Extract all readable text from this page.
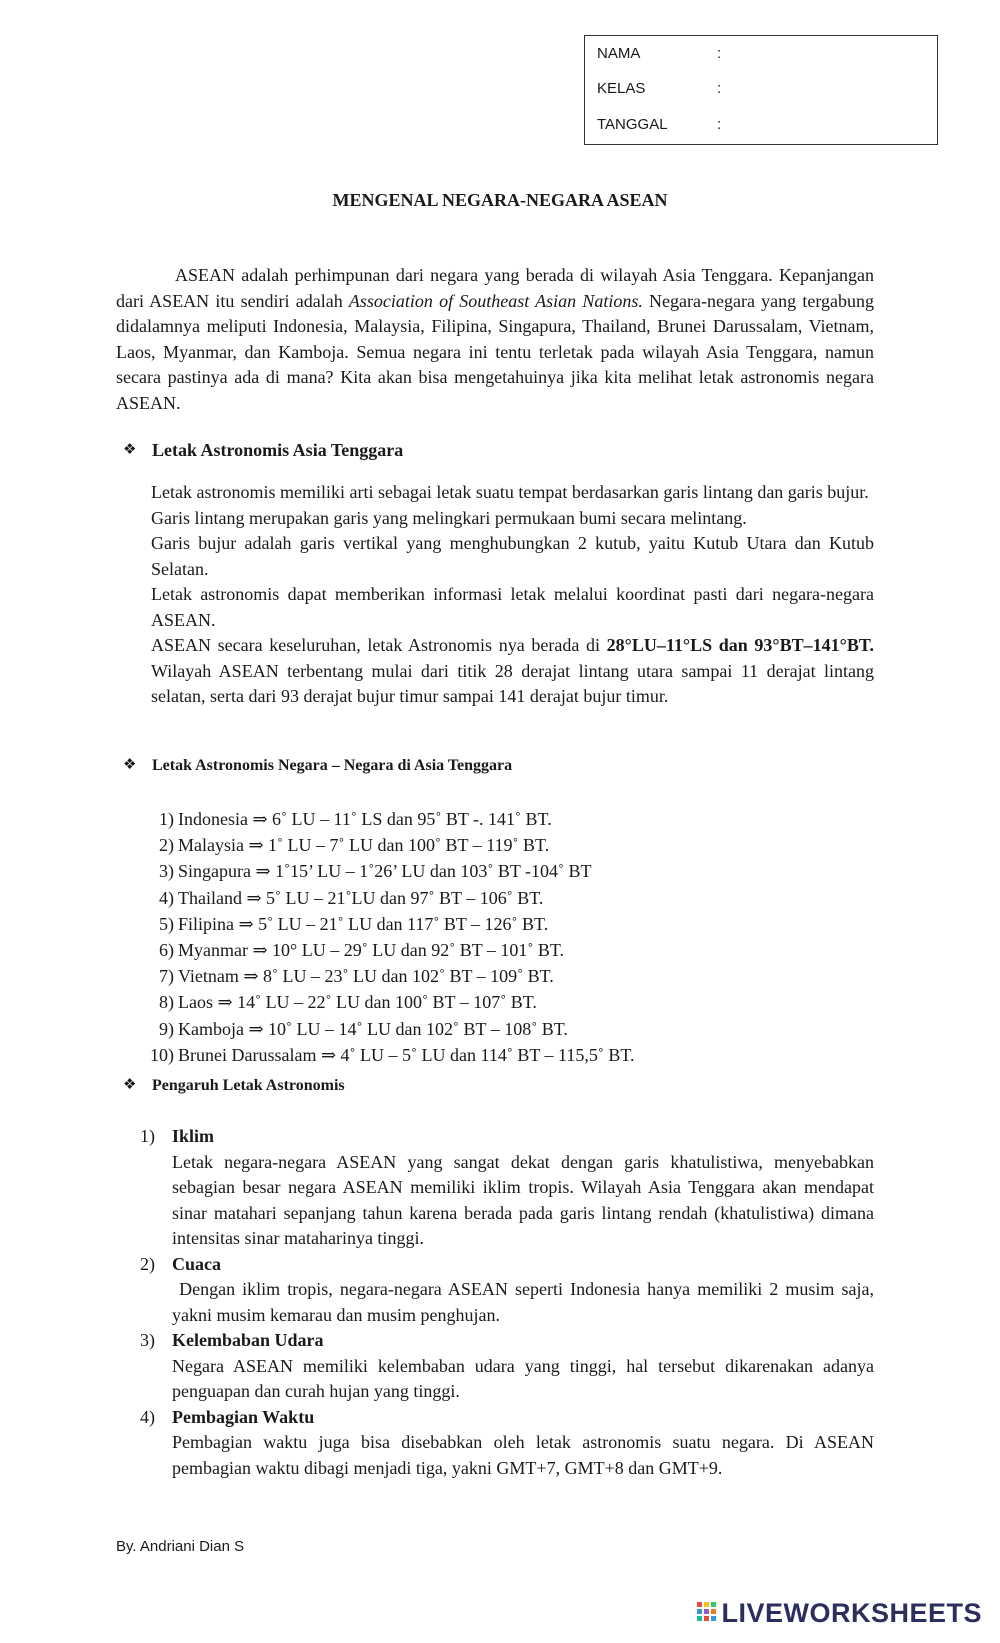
NAMA	:
KELAS	:
TANGGAL	:
MENGENAL NEGARA-NEGARA ASEAN

ASEAN adalah perhimpunan dari negara yang berada di wilayah Asia Tenggara. Kepanjangan dari ASEAN itu sendiri adalah Association of Southeast Asian Nations. Negara-negara yang tergabung didalamnya meliputi Indonesia, Malaysia, Filipina, Singapura, Thailand, Brunei Darussalam, Vietnam, Laos, Myanmar, dan Kamboja. Semua negara ini tentu terletak pada wilayah Asia Tenggara, namun secara pastinya ada di mana? Kita akan bisa mengetahuinya jika kita melihat letak astronomis negara ASEAN.

❖
Letak Astronomis Asia Tenggara

Letak astronomis memiliki arti sebagai letak suatu tempat berdasarkan garis lintang dan garis bujur.

Garis lintang merupakan garis yang melingkari permukaan bumi secara melintang.

Garis bujur adalah garis vertikal yang menghubungkan 2 kutub, yaitu Kutub Utara dan Kutub Selatan.

Letak astronomis dapat memberikan informasi letak melalui koordinat pasti dari negara-negara ASEAN.

ASEAN secara keseluruhan, letak Astronomis nya berada di 28°LU–11°LS dan 93°BT–141°BT. Wilayah ASEAN terbentang mulai dari titik 28 derajat lintang utara sampai 11 derajat lintang selatan, serta dari 93 derajat bujur timur sampai 141 derajat bujur timur.

❖
Letak Astronomis Negara – Negara di Asia Tenggara
1) Indonesia ⇒ 6˚ LU – 11˚ LS dan 95˚ BT -. 141˚ BT.
2) Malaysia ⇒ 1˚ LU – 7˚ LU dan 100˚ BT – 119˚ BT.
3) Singapura ⇒ 1˚15’ LU – 1˚26’ LU dan 103˚ BT -104˚ BT
4) Thailand ⇒ 5˚ LU – 21˚LU dan 97˚ BT – 106˚ BT.
5) Filipina ⇒ 5˚ LU – 21˚ LU dan 117˚ BT – 126˚ BT.
6) Myanmar ⇒ 10° LU – 29˚ LU dan 92˚ BT – 101˚ BT.
7) Vietnam ⇒ 8˚ LU – 23˚ LU dan 102˚ BT – 109˚ BT.
8) Laos ⇒ 14˚ LU – 22˚ LU dan 100˚ BT – 107˚ BT.
9) Kamboja ⇒ 10˚ LU – 14˚ LU dan 102˚ BT – 108˚ BT.
10) Brunei Darussalam ⇒ 4˚ LU – 5˚ LU dan 114˚ BT – 115,5˚ BT.
❖
Pengaruh Letak Astronomis
1) Iklim
Letak negara-negara ASEAN yang sangat dekat dengan garis khatulistiwa, menyebabkan sebagian besar negara ASEAN memiliki iklim tropis. Wilayah Asia Tenggara akan mendapat sinar matahari sepanjang tahun karena berada pada garis lintang rendah (khatulistiwa) dimana intensitas sinar mataharinya tinggi.
2) Cuaca
Dengan iklim tropis, negara-negara ASEAN seperti Indonesia hanya memiliki 2 musim saja, yakni musim kemarau dan musim penghujan.
3) Kelembaban Udara
Negara ASEAN memiliki kelembaban udara yang tinggi, hal tersebut dikarenakan adanya penguapan dan curah hujan yang tinggi.
4) Pembagian Waktu
Pembagian waktu juga bisa disebabkan oleh letak astronomis suatu negara. Di ASEAN pembagian waktu dibagi menjadi tiga, yakni GMT+7, GMT+8 dan GMT+9.
By. Andriani Dian S
LIVEWORKSHEETS
